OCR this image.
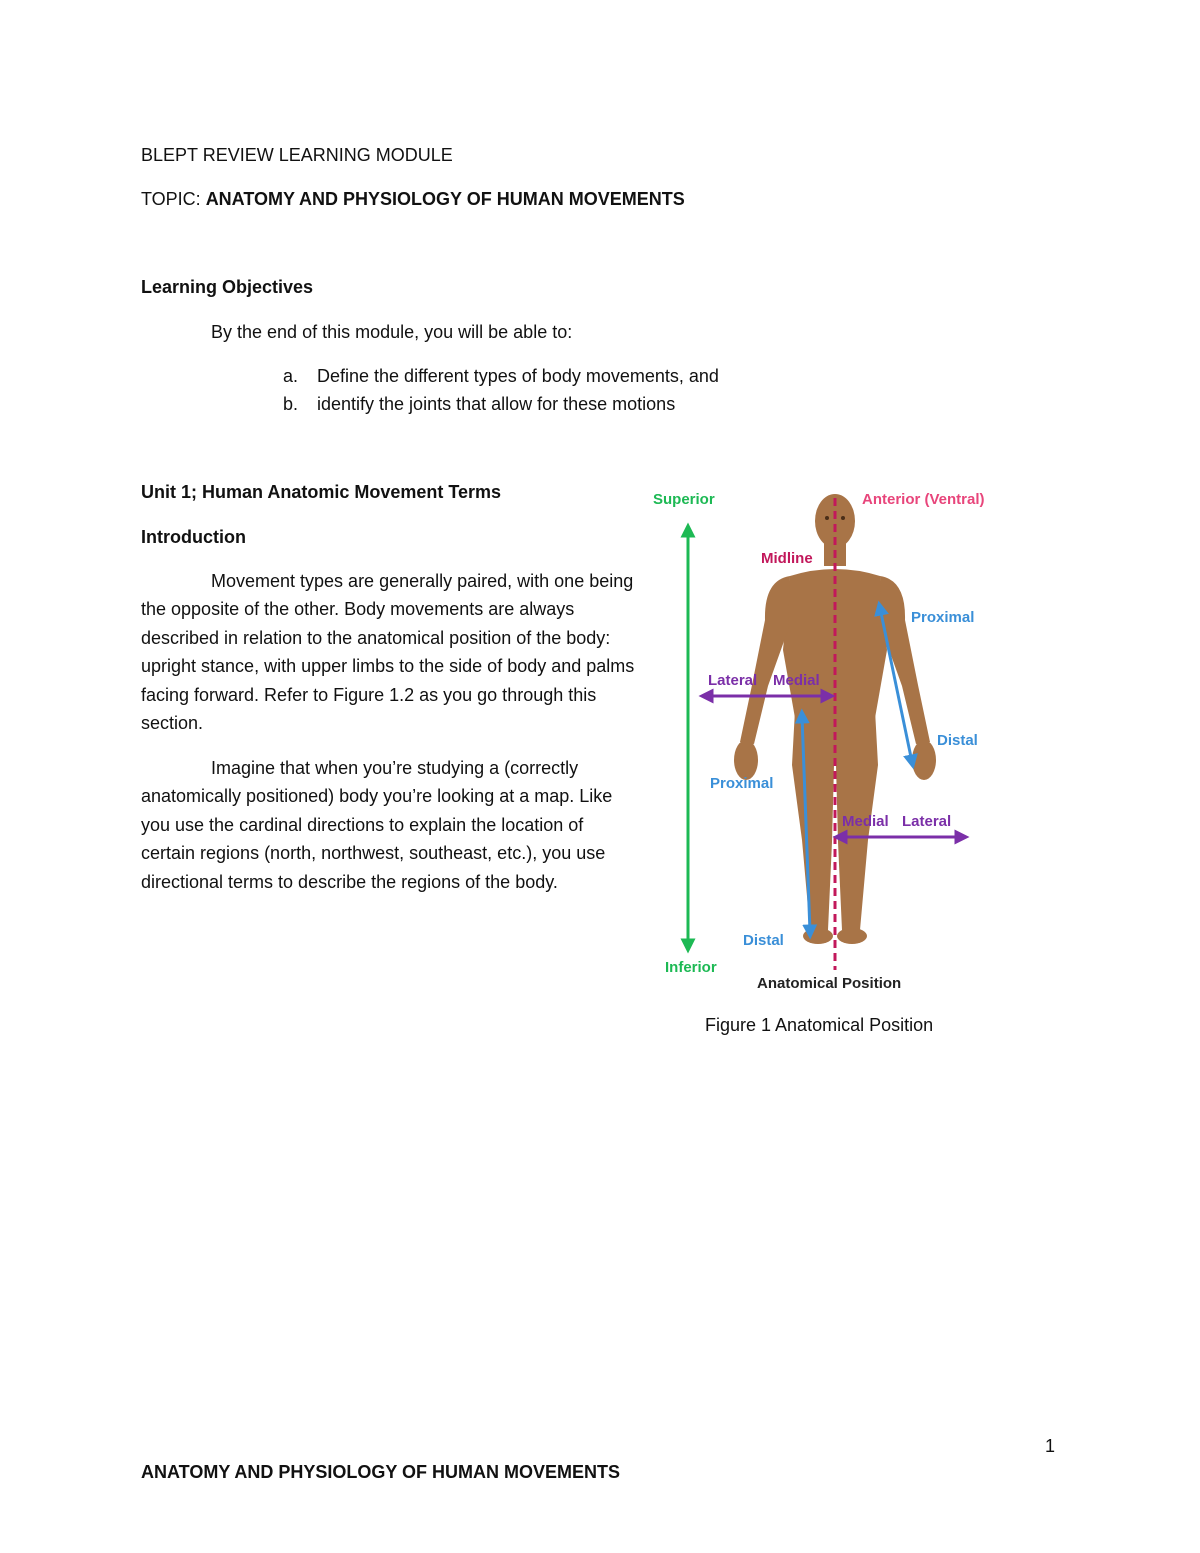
BLEPT REVIEW LEARNING MODULE
TOPIC: ANATOMY AND PHYSIOLOGY OF HUMAN MOVEMENTS
Learning Objectives
By the end of this module, you will be able to:
a. Define the different types of body movements, and
b. identify the joints that allow for these motions
Unit 1; Human Anatomic Movement Terms
Introduction
Movement types are generally paired, with one being the opposite of the other. Body movements are always described in relation to the anatomical position of the body: upright stance, with upper limbs to the side of body and palms facing forward. Refer to Figure 1.2 as you go through this section.
Imagine that when you’re studying a (correctly anatomically positioned) body you’re looking at a map. Like you use the cardinal directions to explain the location of certain regions (north, northwest, southeast, etc.), you use directional terms to describe the regions of the body.
Superior
Inferior
Anterior (Ventral)
Midline
Proximal
Distal
Lateral Medial
Proximal
Distal
Medial Lateral
Anatomical Position
Figure 1 Anatomical Position
1
ANATOMY AND PHYSIOLOGY OF HUMAN MOVEMENTS
